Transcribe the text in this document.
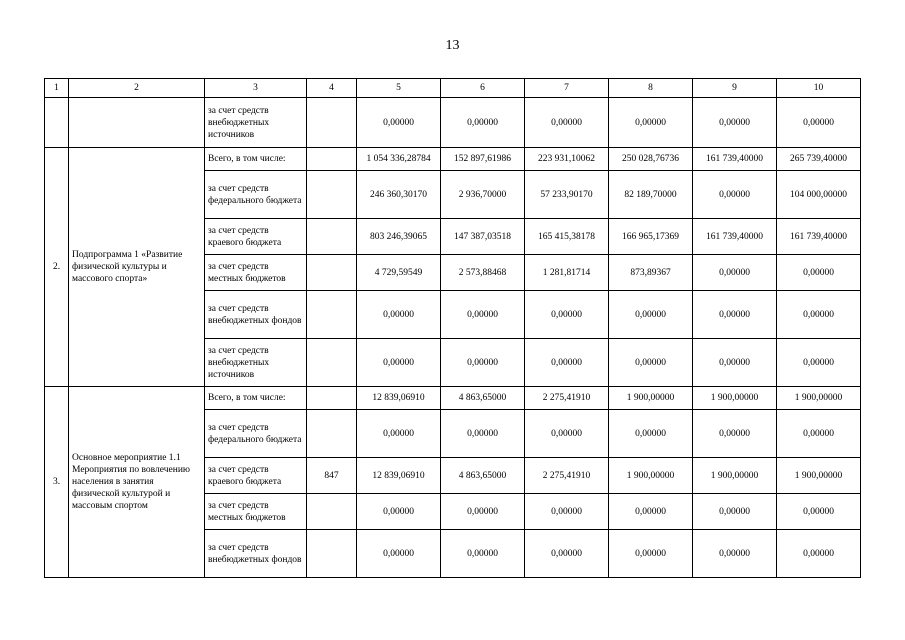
13
1	2	3	4	5	6	7	8	9	10
		за счет средств внебюджетных источников		0,00000	0,00000	0,00000	0,00000	0,00000	0,00000
2.	Подпрограмма 1 «Развитие физической культуры и массового спорта»	Всего, в том числе:		1 054 336,28784	152 897,61986	223 931,10062	250 028,76736	161 739,40000	265 739,40000
		за счет средств федерального бюджета		246 360,30170	2 936,70000	57 233,90170	82 189,70000	0,00000	104 000,00000
		за счет средств краевого бюджета		803 246,39065	147 387,03518	165 415,38178	166 965,17369	161 739,40000	161 739,40000
		за счет средств местных бюджетов		4 729,59549	2 573,88468	1 281,81714	873,89367	0,00000	0,00000
		за счет средств внебюджетных фондов		0,00000	0,00000	0,00000	0,00000	0,00000	0,00000
		за счет средств внебюджетных источников		0,00000	0,00000	0,00000	0,00000	0,00000	0,00000
3.	Основное мероприятие 1.1 Мероприятия по вовлечению населения в занятия физической культурой и массовым спортом	Всего, в том числе:		12 839,06910	4 863,65000	2 275,41910	1 900,00000	1 900,00000	1 900,00000
		за счет средств федерального бюджета		0,00000	0,00000	0,00000	0,00000	0,00000	0,00000
		за счет средств краевого бюджета	847	12 839,06910	4 863,65000	2 275,41910	1 900,00000	1 900,00000	1 900,00000
		за счет средств местных бюджетов		0,00000	0,00000	0,00000	0,00000	0,00000	0,00000
		за счет средств внебюджетных фондов		0,00000	0,00000	0,00000	0,00000	0,00000	0,00000
